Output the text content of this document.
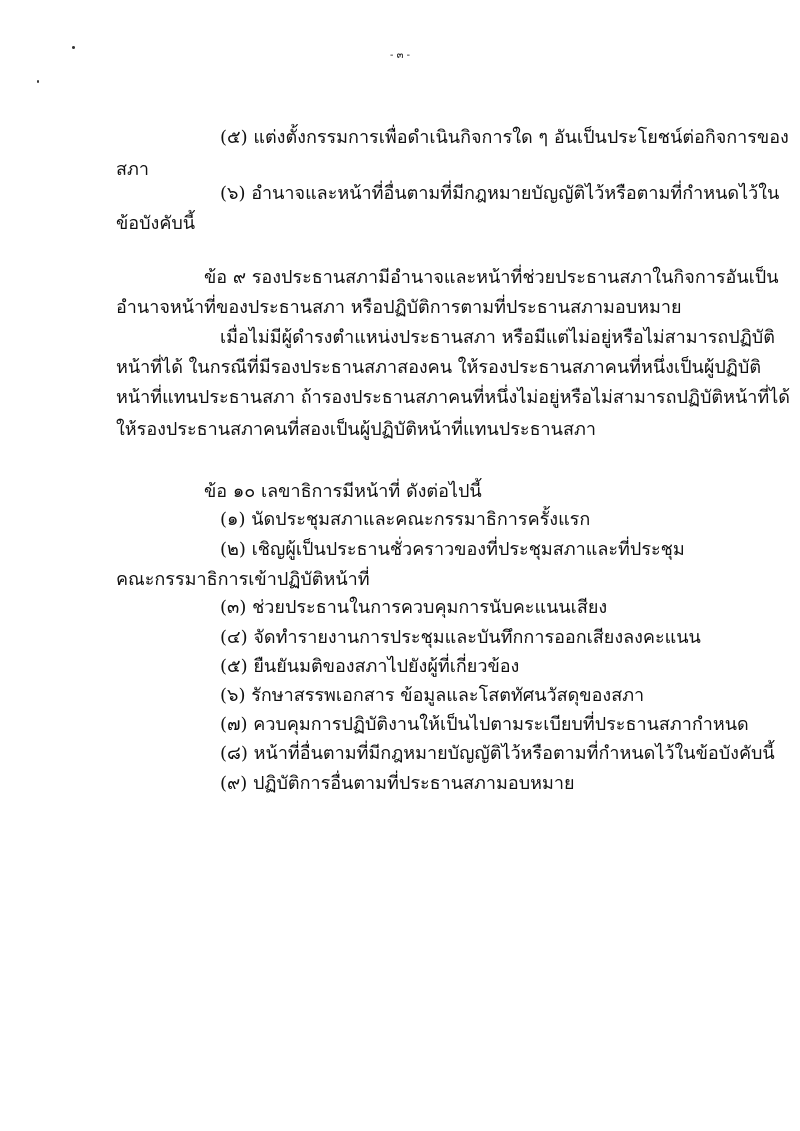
- ๓ -
(๕) แต่งตั้งกรรมการเพื่อดำเนินกิจการใด ๆ อันเป็นประโยชน์ต่อกิจการของ
สภา
(๖) อำนาจและหน้าที่อื่นตามที่มีกฎหมายบัญญัติไว้หรือตามที่กำหนดไว้ใน
ข้อบังคับนี้
ข้อ ๙ รองประธานสภามีอำนาจและหน้าที่ช่วยประธานสภาในกิจการอันเป็น
อำนาจหน้าที่ของประธานสภา หรือปฏิบัติการตามที่ประธานสภามอบหมาย
เมื่อไม่มีผู้ดำรงตำแหน่งประธานสภา หรือมีแต่ไม่อยู่หรือไม่สามารถปฏิบัติ
หน้าที่ได้ ในกรณีที่มีรองประธานสภาสองคน ให้รองประธานสภาคนที่หนึ่งเป็นผู้ปฏิบัติ
หน้าที่แทนประธานสภา ถ้ารองประธานสภาคนที่หนึ่งไม่อยู่หรือไม่สามารถปฏิบัติหน้าที่ได้
ให้รองประธานสภาคนที่สองเป็นผู้ปฏิบัติหน้าที่แทนประธานสภา
ข้อ ๑๐ เลขาธิการมีหน้าที่ ดังต่อไปนี้
(๑) นัดประชุมสภาและคณะกรรมาธิการครั้งแรก
(๒) เชิญผู้เป็นประธานชั่วคราวของที่ประชุมสภาและที่ประชุม
คณะกรรมาธิการเข้าปฏิบัติหน้าที่
(๓) ช่วยประธานในการควบคุมการนับคะแนนเสียง
(๔) จัดทำรายงานการประชุมและบันทึกการออกเสียงลงคะแนน
(๕) ยืนยันมติของสภาไปยังผู้ที่เกี่ยวข้อง
(๖) รักษาสรรพเอกสาร ข้อมูลและโสตทัศนวัสดุของสภา
(๗) ควบคุมการปฏิบัติงานให้เป็นไปตามระเบียบที่ประธานสภากำหนด
(๘) หน้าที่อื่นตามที่มีกฎหมายบัญญัติไว้หรือตามที่กำหนดไว้ในข้อบังคับนี้
(๙) ปฏิบัติการอื่นตามที่ประธานสภามอบหมาย
